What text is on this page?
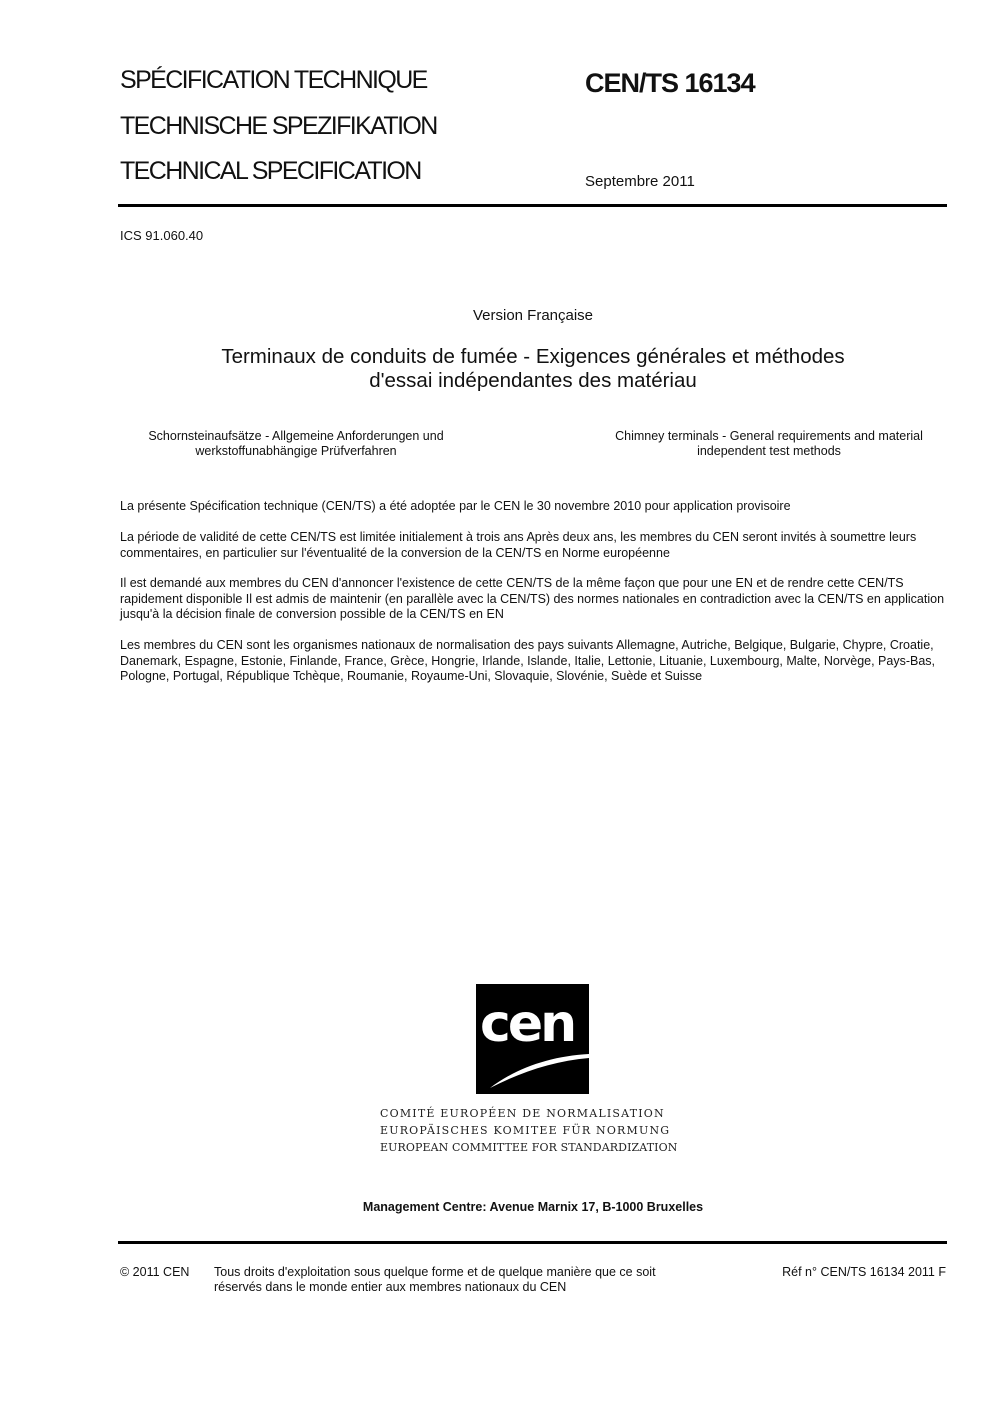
SPÉCIFICATION TECHNIQUE
TECHNISCHE SPEZIFIKATION
TECHNICAL SPECIFICATION
CEN/TS 16134
Septembre 2011
ICS 91.060.40
Version Française
Terminaux de conduits de fumée - Exigences générales et méthodes d'essai indépendantes des matériau
Schornsteinaufsätze - Allgemeine Anforderungen und werkstoffunabhängige Prüfverfahren
Chimney terminals - General requirements and material independent test methods
La présente Spécification technique (CEN/TS) a été adoptée par le CEN le 30 novembre 2010 pour application provisoire
La période de validité de cette CEN/TS est limitée initialement à trois ans Après deux ans, les membres du CEN seront invités à soumettre leurs commentaires, en particulier sur l'éventualité de la conversion de la CEN/TS en Norme européenne
Il est demandé aux membres du CEN d'annoncer l'existence de cette CEN/TS de la même façon que pour une EN et de rendre cette CEN/TS rapidement disponible Il est admis de maintenir (en parallèle avec la CEN/TS) des normes nationales en contradiction avec la CEN/TS en application jusqu'à la décision finale de conversion possible de la CEN/TS en EN
Les membres du CEN sont les organismes nationaux de normalisation des pays suivants Allemagne, Autriche, Belgique, Bulgarie, Chypre, Croatie, Danemark, Espagne, Estonie, Finlande, France, Grèce, Hongrie, Irlande, Islande, Italie, Lettonie, Lituanie, Luxembourg, Malte, Norvège, Pays-Bas, Pologne, Portugal, République Tchèque, Roumanie, Royaume-Uni, Slovaquie, Slovénie, Suède et Suisse
cen
COMITÉ EUROPÉEN DE NORMALISATION
EUROPÄISCHES KOMITEE FÜR NORMUNG
EUROPEAN COMMITTEE FOR STANDARDIZATION
Management Centre: Avenue Marnix 17, B-1000 Bruxelles
© 2011 CEN Tous droits d'exploitation sous quelque forme et de quelque manière que ce soit réservés dans le monde entier aux membres nationaux du CEN
Réf n° CEN/TS 16134 2011 F
